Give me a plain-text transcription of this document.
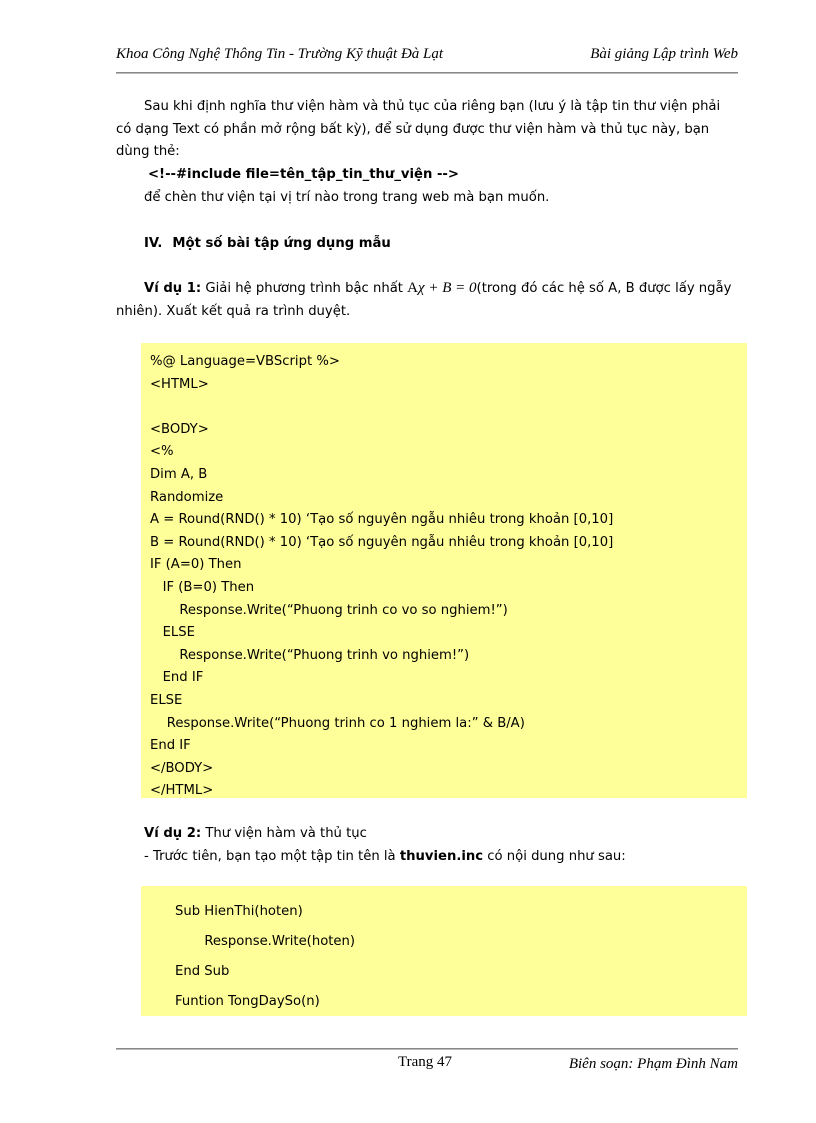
Khoa Công Nghệ Thông Tin - Trường Kỹ thuật Đà Lạt	Bài giảng Lập trình Web
Sau khi định nghĩa thư viện hàm và thủ tục của riêng bạn (lưu ý là tập tin thư viện phải có dạng Text có phần mở rộng bất kỳ), để sử dụng được thư viện hàm và thủ tục này, bạn dùng thẻ:
<!--#include file=tên_tập_tin_thư_viện -->
để chèn thư viện tại vị trí nào trong trang web mà bạn muốn.
IV. Một số bài tập ứng dụng mẫu
Ví dụ 1: Giải hệ phương trình bậc nhất Aχ + B = 0(trong đó các hệ số A, B được lấy ngẫy nhiên). Xuất kết quả ra trình duyệt.
%@ Language=VBScript %>
<HTML>
<BODY>
<%
Dim A, B
Randomize
A = Round(RND() * 10) ‘Tạo số nguyên ngẫu nhiêu trong khoản [0,10]
B = Round(RND() * 10) ‘Tạo số nguyên ngẫu nhiêu trong khoản [0,10]
IF (A=0) Then
IF (B=0) Then
Response.Write(“Phuong trinh co vo so nghiem!”)
ELSE
Response.Write(“Phuong trinh vo nghiem!”)
End IF
ELSE
Response.Write(“Phuong trinh co 1 nghiem la:” & B/A)
End IF
</BODY>
</HTML>
Ví dụ 2: Thư viện hàm và thủ tục
- Trước tiên, bạn tạo một tập tin tên là thuvien.inc có nội dung như sau:
Sub HienThi(hoten)
Response.Write(hoten)
End Sub
Funtion TongDaySo(n)
Trang 47	Biên soạn: Phạm Đình Nam
